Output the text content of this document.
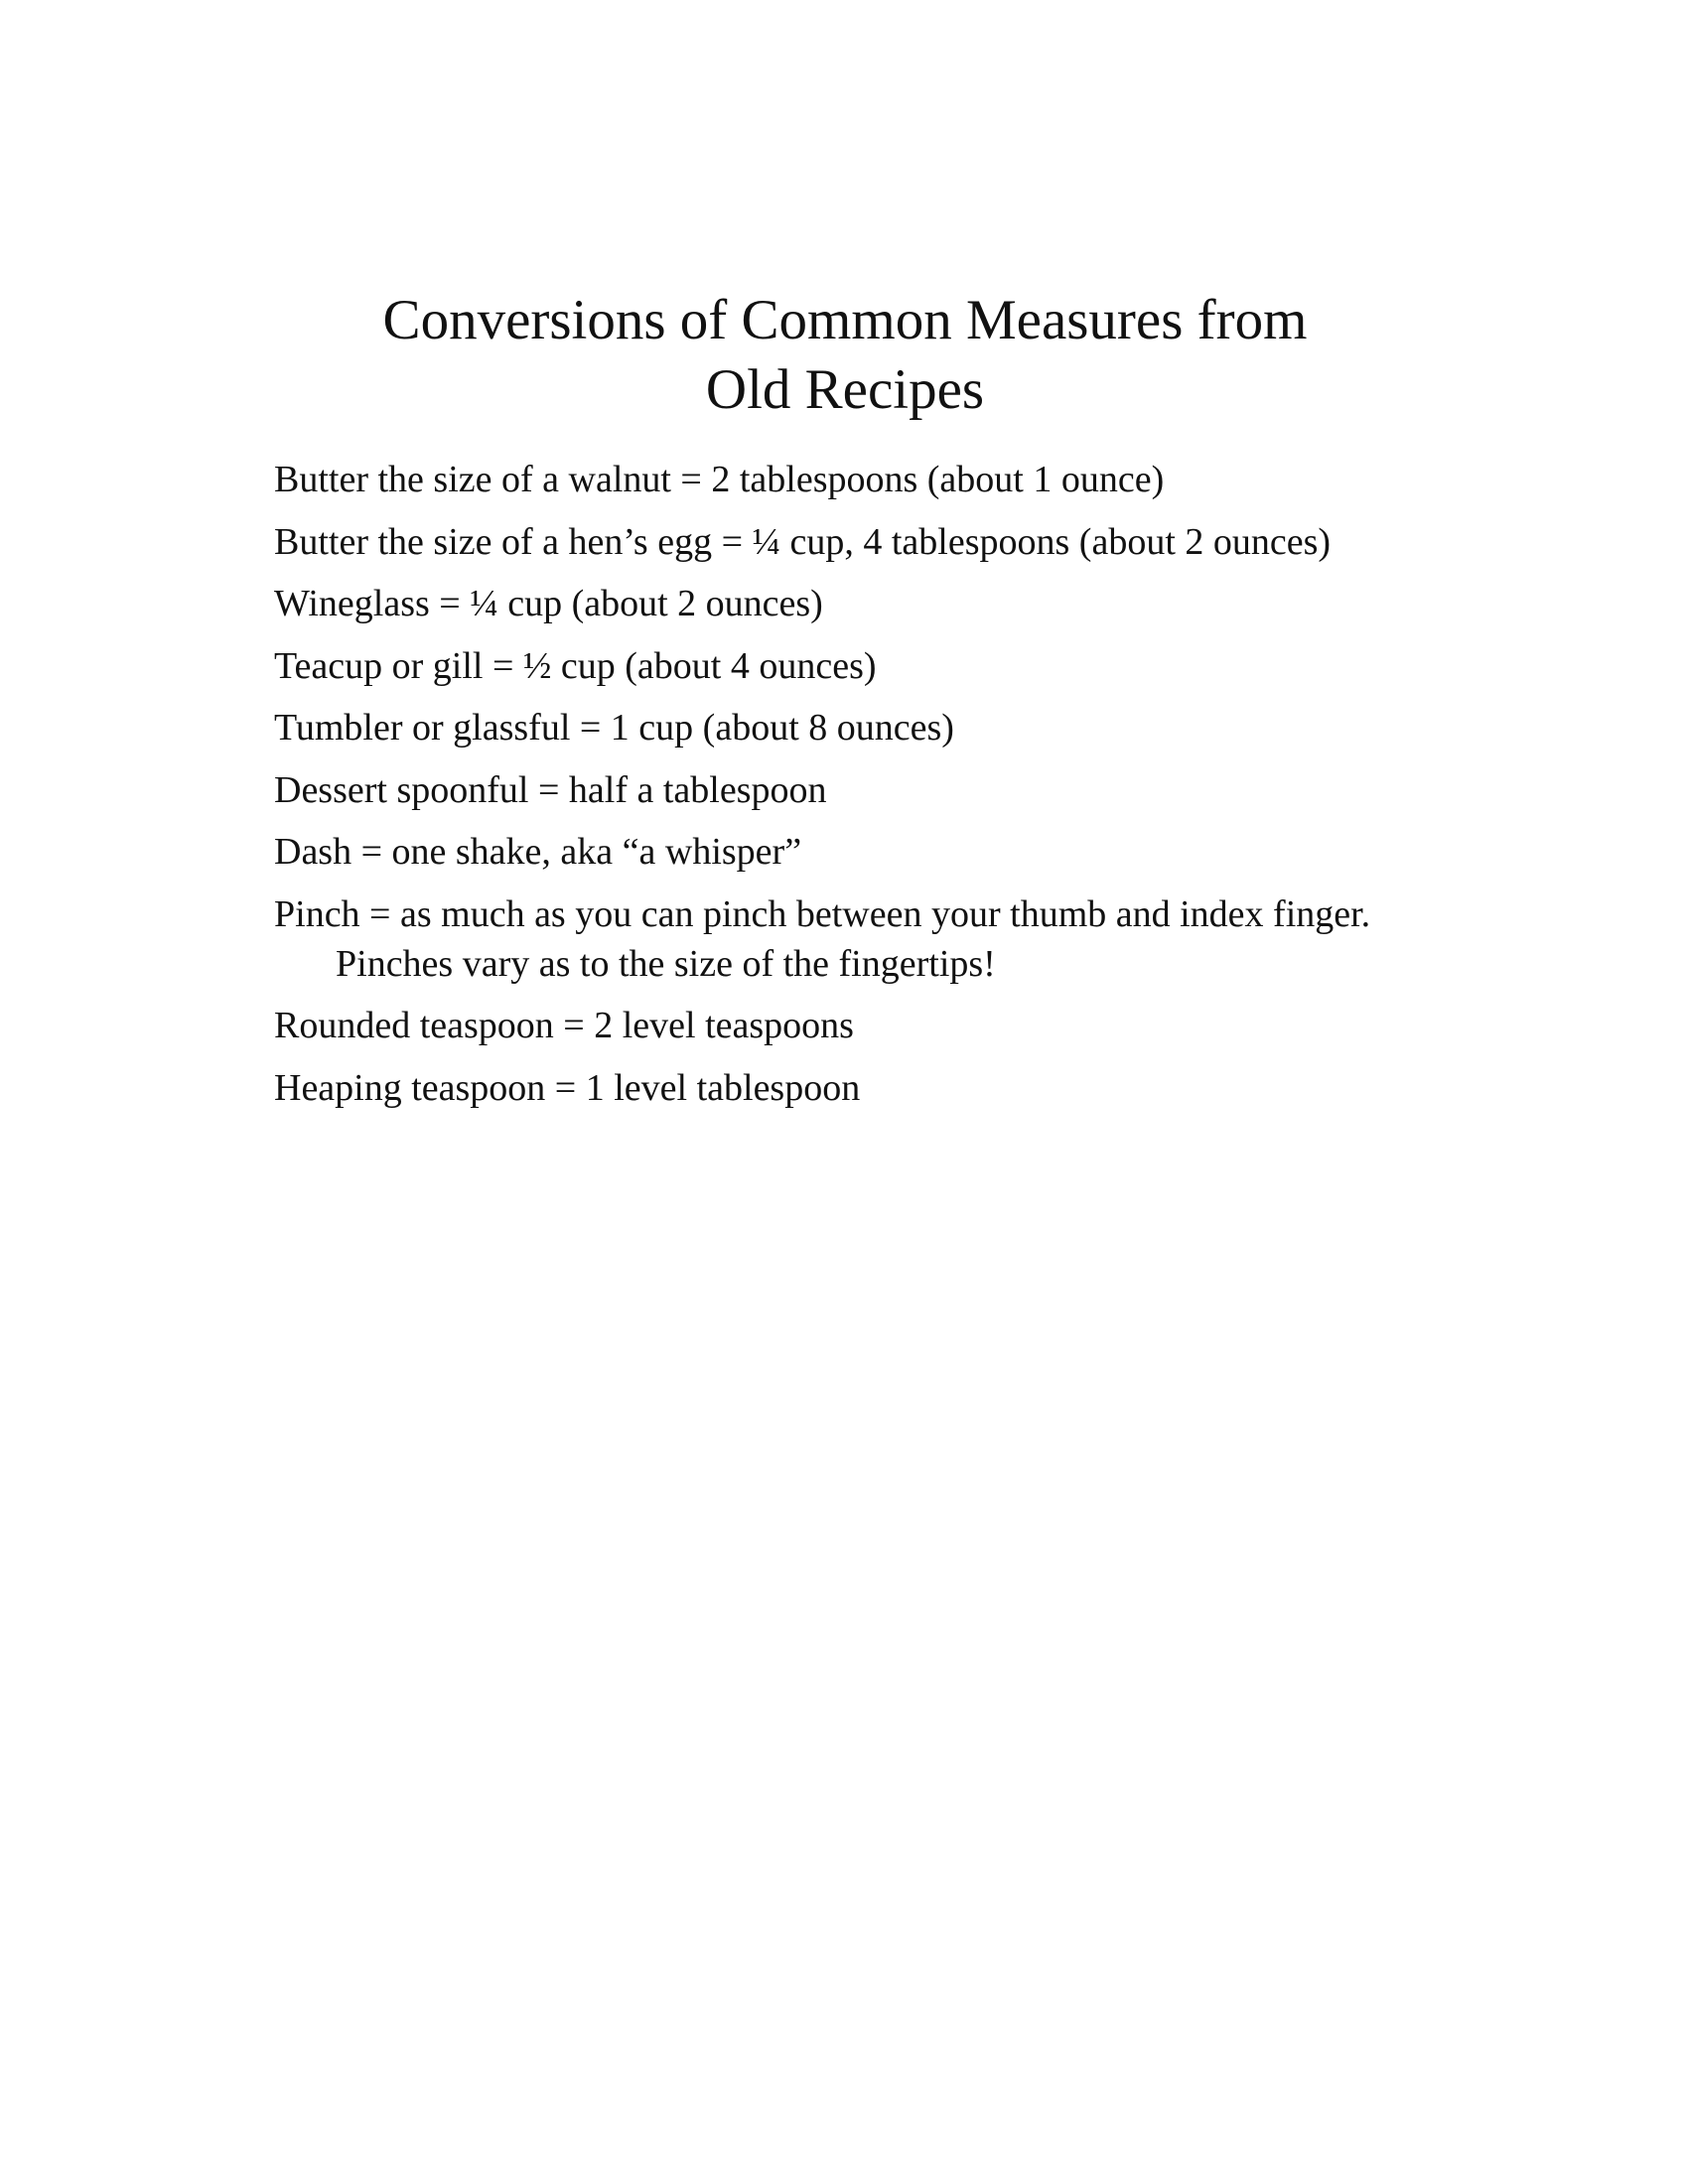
Conversions of Common Measures from
Old Recipes
Butter the size of a walnut = 2 tablespoons (about 1 ounce)
Butter the size of a hen’s egg = ¼ cup, 4 tablespoons (about 2 ounces)
Wineglass = ¼ cup (about 2 ounces)
Teacup or gill = ½ cup (about 4 ounces)
Tumbler or glassful = 1 cup (about 8 ounces)
Dessert spoonful = half a tablespoon
Dash = one shake, aka “a whisper”
Pinch = as much as you can pinch between your thumb and index finger. Pinches vary as to the size of the fingertips!
Rounded teaspoon = 2 level teaspoons
Heaping teaspoon = 1 level tablespoon
